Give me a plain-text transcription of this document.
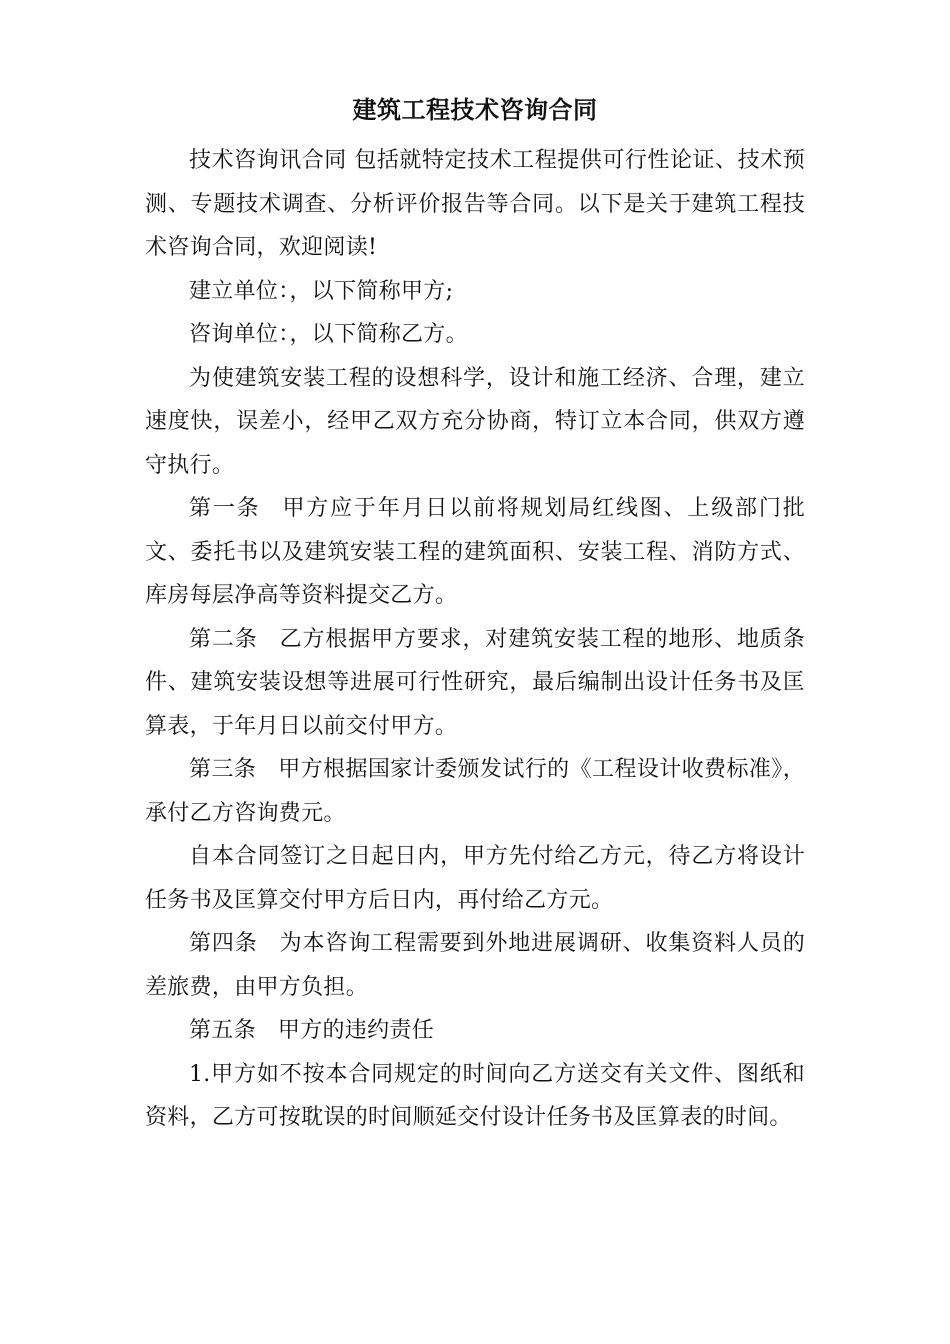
建筑工程技术咨询合同

技术咨询讯合同 包括就特定技术工程提供可行性论证、技术预测、专题技术调查、分析评价报告等合同。以下是关于建筑工程技术咨询合同，欢迎阅读!

建立单位：，以下简称甲方;

咨询单位：，以下简称乙方。

为使建筑安装工程的设想科学，设计和施工经济、合理，建立速度快，误差小，经甲乙双方充分协商，特订立本合同，供双方遵守执行。

第一条 甲方应于年月日以前将规划局红线图、上级部门批文、委托书以及建筑安装工程的建筑面积、安装工程、消防方式、库房每层净高等资料提交乙方。

第二条 乙方根据甲方要求，对建筑安装工程的地形、地质条件、建筑安装设想等进展可行性研究，最后编制出设计任务书及匡算表，于年月日以前交付甲方。

第三条 甲方根据国家计委颁发试行的《工程设计收费标准》，承付乙方咨询费元。

自本合同签订之日起日内，甲方先付给乙方元，待乙方将设计任务书及匡算交付甲方后日内，再付给乙方元。

第四条 为本咨询工程需要到外地进展调研、收集资料人员的差旅费，由甲方负担。

第五条 甲方的违约责任

1.甲方如不按本合同规定的时间向乙方送交有关文件、图纸和资料，乙方可按耽误的时间顺延交付设计任务书及匡算表的时间。
